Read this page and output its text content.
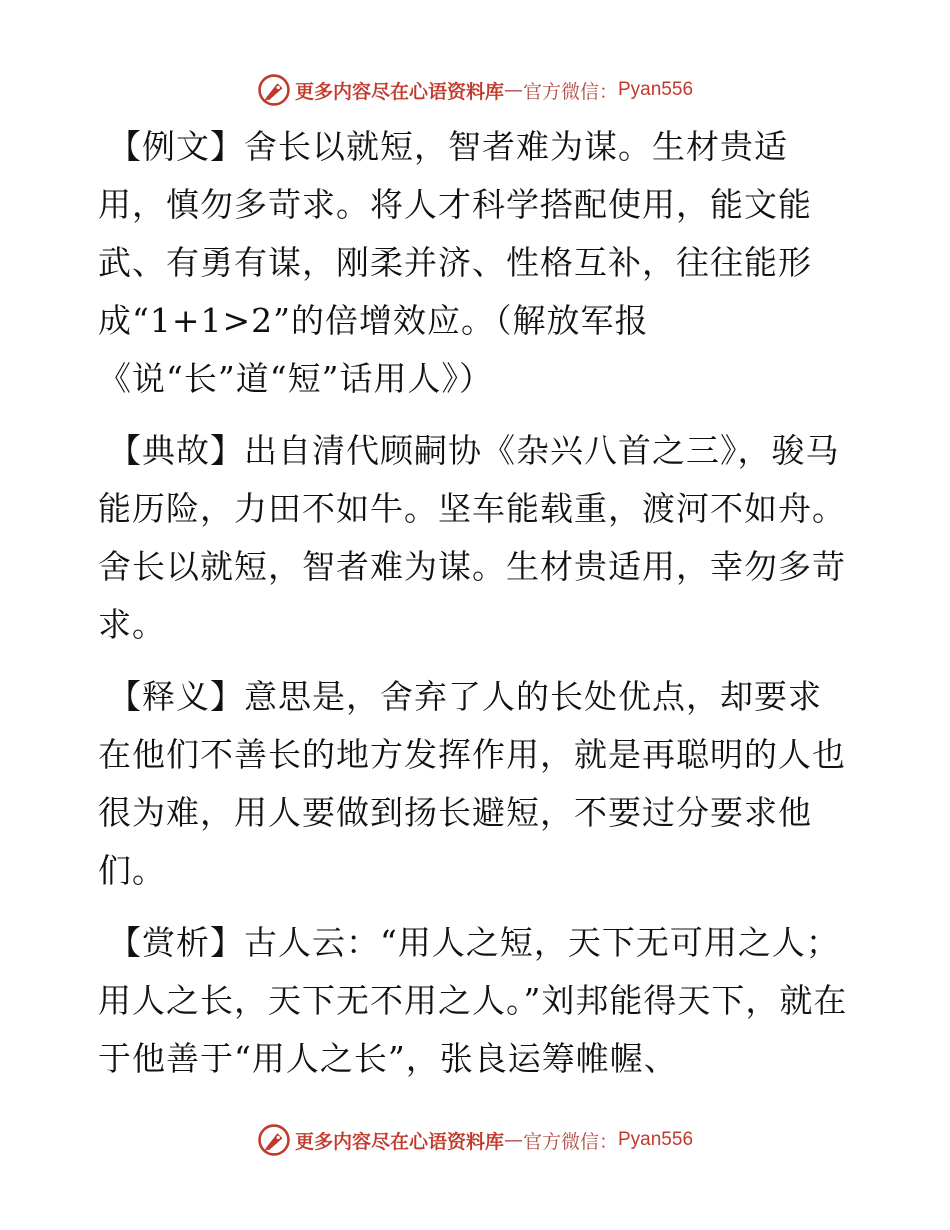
更多内容尽在心语资料库 — 官方微信： Pyan556

【例文】舍长以就短，智者难为谋。生材贵适用，慎勿多苛求。将人才科学搭配使用，能文能武、有勇有谋，刚柔并济、性格互补，往往能形成“1+1>2”的倍增效应。（解放军报《说“长”道“短”话用人》）

【典故】出自清代顾嗣协《杂兴八首之三》，骏马能历险，力田不如牛。坚车能载重，渡河不如舟。舍长以就短，智者难为谋。生材贵适用，幸勿多苛求。

【释义】意思是，舍弃了人的长处优点，却要求在他们不善长的地方发挥作用，就是再聪明的人也很为难，用人要做到扬长避短，不要过分要求他们。

【赏析】古人云：“用人之短，天下无可用之人；用人之长，天下无不用之人。”刘邦能得天下，就在于他善于“用人之长”，张良运筹帷幄、

更多内容尽在心语资料库 — 官方微信： Pyan556
